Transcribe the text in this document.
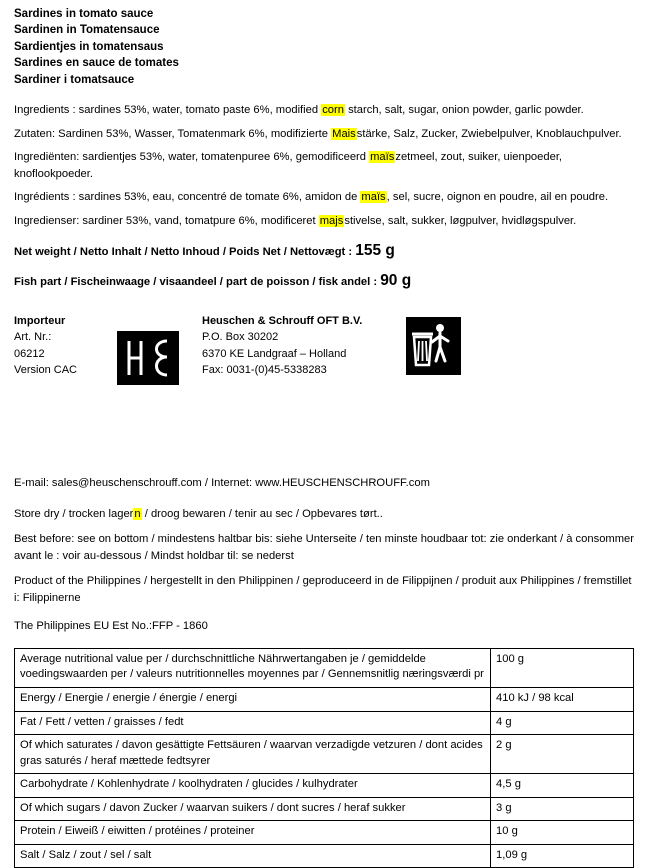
Sardines in tomato sauce
Sardinen in Tomatensauce
Sardientjes in tomatensaus
Sardines en sauce de tomates
Sardiner i tomatsauce

Ingredients : sardines 53%, water, tomato paste 6%, modified corn starch, salt, sugar, onion powder, garlic powder.

Zutaten: Sardinen 53%, Wasser, Tomatenmark 6%, modifizierte Maisstärke, Salz, Zucker, Zwiebelpulver, Knoblauchpulver.

Ingrediënten: sardientjes 53%, water, tomatenpuree 6%, gemodificeerd maïszetmeel, zout, suiker, uienpoeder, knoflookpoeder.

Ingrédients : sardines 53%, eau, concentré de tomate 6%, amidon de maïs, sel, sucre, oignon en poudre, ail en poudre.

Ingredienser: sardiner 53%, vand, tomatpure 6%, modificeret majsstivelse, salt, sukker, løgpulver, hvidløgspulver.

Net weight / Netto Inhalt / Netto Inhoud / Poids Net / Nettovægt : 155 g
Fish part / Fischeinwaage / visaandeel / part de poisson / fisk andel : 90 g
Importeur
Art. Nr.:
06212
Version CAC
Heuschen & Schrouff OFT B.V.
P.O. Box 30202
6370 KE Landgraaf – Holland
Fax: 0031-(0)45-5338283
E-mail: sales@heuschenschrouff.com / Internet: www.HEUSCHENSCHROUFF.com

Store dry / trocken lagern / droog bewaren / tenir au sec / Opbevares tørt..

Best before: see on bottom / mindestens haltbar bis: siehe Unterseite / ten minste houdbaar tot: zie onderkant / à consommer avant le : voir au-dessous / Mindst holdbar til: se nederst

Product of the Philippines / hergestellt in den Philippinen / geproduceerd in de Filippijnen / produit aux Philippines / fremstillet i: Filippinerne

The Philippines EU Est No.:FFP - 1860
Average nutritional value per / durchschnittliche Nährwertangaben je / gemiddelde voedingswaarden per / valeurs nutritionnelles moyennes par / Gennemsnitlig næringsværdi pr	100 g
Energy / Energie / energie / énergie / energi	410 kJ / 98 kcal
Fat / Fett / vetten / graisses / fedt	4 g
Of which saturates / davon gesättigte Fettsäuren / waarvan verzadigde vetzuren / dont acides gras saturés / heraf mættede fedtsyrer	2 g
Carbohydrate / Kohlenhydrate / koolhydraten / glucides / kulhydrater	4,5 g
Of which sugars / davon Zucker / waarvan suikers / dont sucres / heraf sukker	3 g
Protein / Eiweiß / eiwitten / protéines / proteiner	10 g
Salt / Salz / zout / sel / salt	1,09 g
